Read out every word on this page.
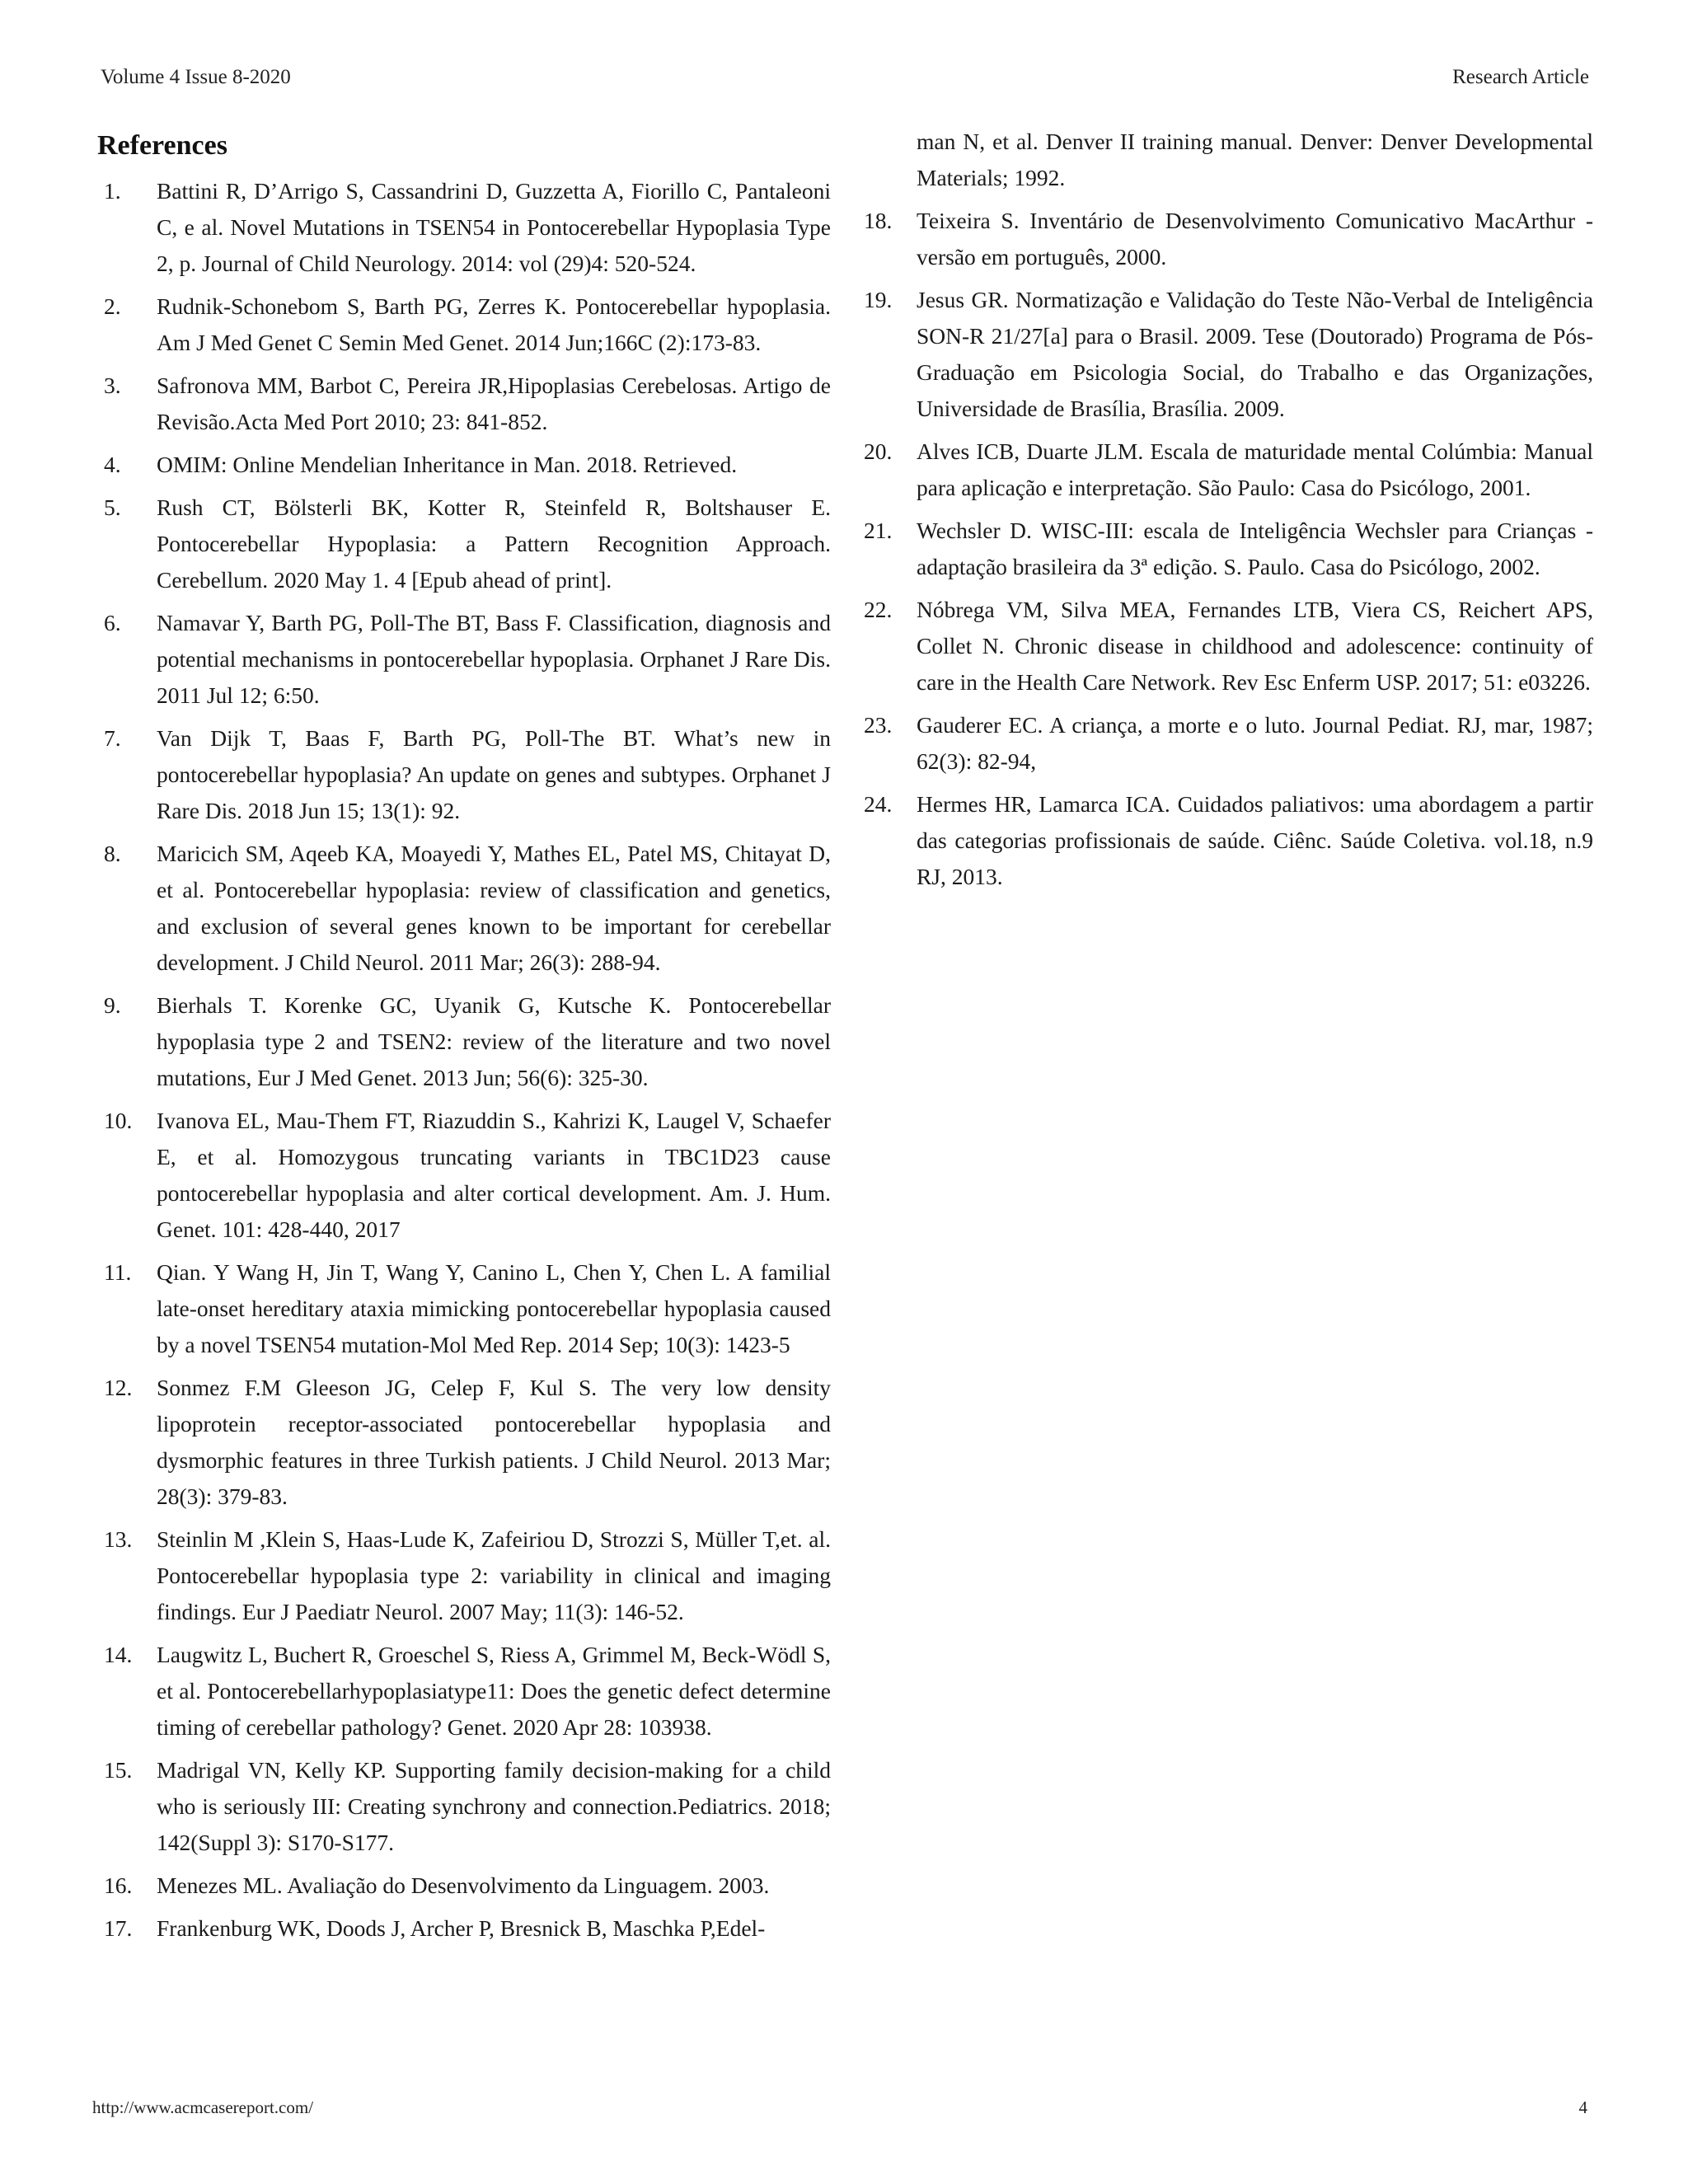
Volume 4 Issue 8-2020	Research Article
References
1.	Battini R, D’Arrigo S, Cassandrini D, Guzzetta A, Fiorillo C, Pantaleoni C, e al. Novel Mutations in TSEN54 in Pontocerebellar Hypoplasia Type 2, p. Journal of Child Neurology. 2014: vol (29)4: 520-524.
2.	Rudnik-Schonebom S, Barth PG, Zerres K. Pontocerebellar hypoplasia. Am J Med Genet C Semin Med Genet. 2014 Jun;166C (2):173-83.
3.	Safronova MM, Barbot C, Pereira JR,Hipoplasias Cerebelosas. Artigo de Revisão.Acta Med Port 2010; 23: 841-852.
4.	OMIM: Online Mendelian Inheritance in Man. 2018. Retrieved.
5.	Rush CT, Bölsterli BK, Kotter R, Steinfeld R, Boltshauser E. Pontocerebellar Hypoplasia: a Pattern Recognition Approach. Cerebellum. 2020 May 1. 4 [Epub ahead of print].
6.	Namavar Y, Barth PG, Poll-The BT, Bass F. Classification, diagnosis and potential mechanisms in pontocerebellar hypoplasia. Orphanet J Rare Dis. 2011 Jul 12; 6:50.
7.	Van Dijk T, Baas F, Barth PG, Poll-The BT. What’s new in pontocerebellar hypoplasia? An update on genes and subtypes. Orphanet J Rare Dis. 2018 Jun 15; 13(1): 92.
8.	Maricich SM, Aqeeb KA, Moayedi Y, Mathes EL, Patel MS, Chitayat D, et al. Pontocerebellar hypoplasia: review of classification and genetics, and exclusion of several genes known to be important for cerebellar development. J Child Neurol. 2011 Mar; 26(3): 288-94.
9.	Bierhals T. Korenke GC, Uyanik G, Kutsche K. Pontocerebellar hypoplasia type 2 and TSEN2: review of the literature and two novel mutations, Eur J Med Genet. 2013 Jun; 56(6): 325-30.
10.	Ivanova EL, Mau-Them FT, Riazuddin S., Kahrizi K, Laugel V, Schaefer E, et al. Homozygous truncating variants in TBC1D23 cause pontocerebellar hypoplasia and alter cortical development. Am. J. Hum. Genet. 101: 428-440, 2017
11.	Qian. Y Wang H, Jin T, Wang Y, Canino L, Chen Y, Chen L. A familial late-onset hereditary ataxia mimicking pontocerebellar hypoplasia caused by a novel TSEN54 mutation-Mol Med Rep. 2014 Sep; 10(3): 1423-5
12.	Sonmez F.M Gleeson JG, Celep F, Kul S. The very low density lipoprotein receptor-associated pontocerebellar hypoplasia and dysmorphic features in three Turkish patients. J Child Neurol. 2013 Mar; 28(3): 379-83.
13.	Steinlin M ,Klein S, Haas-Lude K, Zafeiriou D, Strozzi S, Müller T,et. al. Pontocerebellar hypoplasia type 2: variability in clinical and imaging findings. Eur J Paediatr Neurol. 2007 May; 11(3): 146-52.
14.	Laugwitz L, Buchert R, Groeschel S, Riess A, Grimmel M, Beck-Wödl S, et al. Pontocerebellarhypoplasiatype11: Does the genetic defect determine timing of cerebellar pathology? Genet. 2020 Apr 28: 103938.
15.	Madrigal VN, Kelly KP. Supporting family decision-making for a child who is seriously III: Creating synchrony and connection.Pediatrics. 2018; 142(Suppl 3): S170-S177.
16.	Menezes ML. Avaliação do Desenvolvimento da Linguagem. 2003.
17.	Frankenburg WK, Doods J, Archer P, Bresnick B, Maschka P,Edel-

man N, et al. Denver II training manual. Denver: Denver Developmental Materials; 1992.

18.	Teixeira S. Inventário de Desenvolvimento Comunicativo MacArthur - versão em português, 2000.
19.	Jesus GR. Normatização e Validação do Teste Não-Verbal de Inteligência SON-R 21/27[a] para o Brasil. 2009. Tese (Doutorado) Programa de Pós-Graduação em Psicologia Social, do Trabalho e das Organizações, Universidade de Brasília, Brasília. 2009.
20.	Alves ICB, Duarte JLM. Escala de maturidade mental Colúmbia: Manual para aplicação e interpretação. São Paulo: Casa do Psicólogo, 2001.
21.	Wechsler D. WISC-III: escala de Inteligência Wechsler para Crianças - adaptação brasileira da 3ª edição. S. Paulo. Casa do Psicólogo, 2002.
22.	Nóbrega VM, Silva MEA, Fernandes LTB, Viera CS, Reichert APS, Collet N. Chronic disease in childhood and adolescence: continuity of care in the Health Care Network. Rev Esc Enferm USP. 2017; 51: e03226.
23.	Gauderer EC. A criança, a morte e o luto. Journal Pediat. RJ, mar, 1987; 62(3): 82-94,
24.	Hermes HR, Lamarca ICA. Cuidados paliativos: uma abordagem a partir das categorias profissionais de saúde. Ciênc. Saúde Coletiva. vol.18, n.9 RJ, 2013.
http://www.acmcasereport.com/	4
